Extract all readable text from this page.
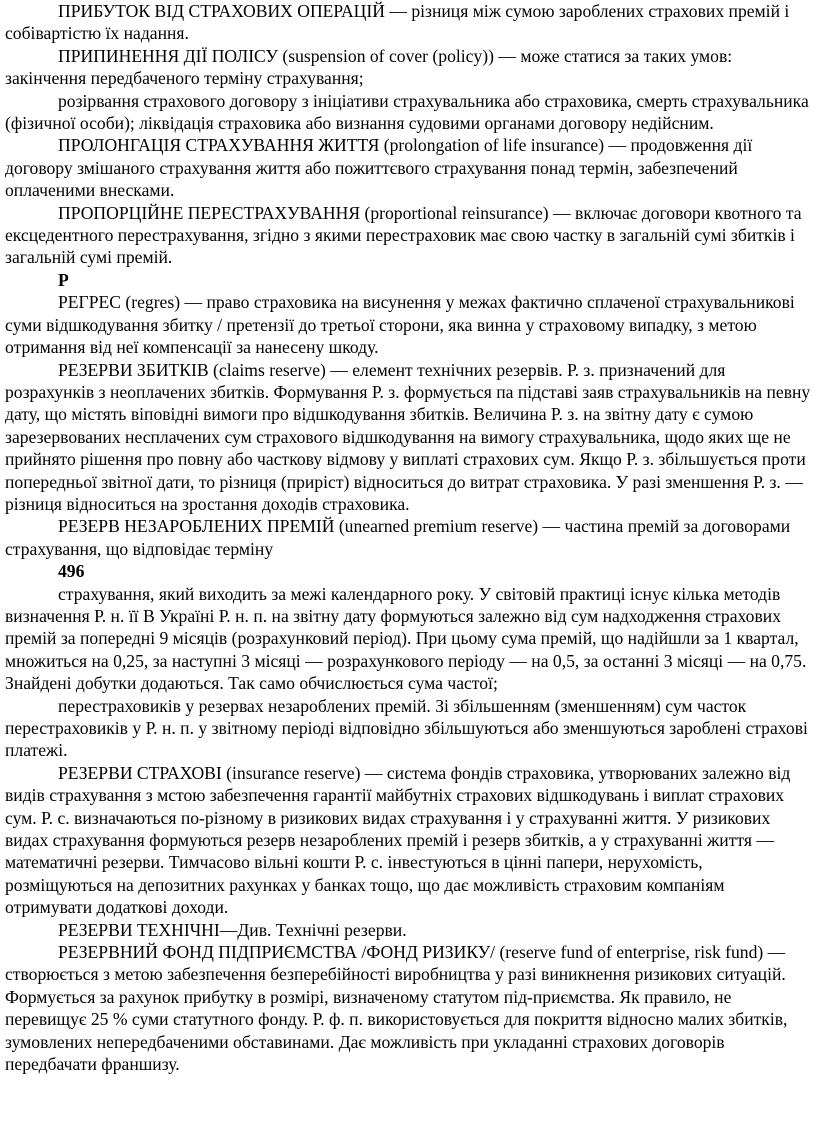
ПРИБУТОК ВІД СТРАХОВИХ ОПЕРАЦІЙ — різниця між сумою зароблених страхових премій і собівартістю їх надання.

ПРИПИНЕННЯ ДІЇ ПОЛІСУ (suspension of cover (policy)) — може статися за таких умов: закінчення передбаченого терміну страхування;

розірвання страхового договору з ініціативи страхувальника або страховика, смерть страхувальника (фізичної особи); ліквідація страховика або визнання судовими органами договору недійсним.

ПРОЛОНГАЦІЯ СТРАХУВАННЯ ЖИТТЯ (prolongation of life insurance) — продовження дії договору змішаного страхування життя або пожиттєвого страхування понад термін, забезпечений оплаченими внесками.

ПРОПОРЦІЙНЕ ПЕРЕСТРАХУВАННЯ (proportional reinsurance) — включає договори квотного та ексцедентного перестрахування, згідно з якими перестраховик має свою частку в загальній сумі збитків і загальній сумі премій.

Р

РЕГРЕС (regres) — право страховика на висунення у межах фактично сплаченої страхувальникові суми відшкодування збитку / претензії до третьої сторони, яка винна у страховому випадку, з метою отримання від неї компенсації за нанесену шкоду.

РЕЗЕРВИ ЗБИТКІВ (claims reserve) — елемент технічних резервів. Р. з. призначений для розрахунків з неоплачених збитків. Формування Р. з. формується па підставі заяв страхувальників на певну дату, що містять віповідні вимоги про відшкодування збитків. Величина Р. з. на звітну дату є сумою зарезервованих несплачених сум страхового відшкодування на вимогу страхувальника, щодо яких ще не прийнято рішення про повну або часткову відмову у виплаті страхових сум. Якщо Р. з. збільшується проти попередньої звітної дати, то різниця (приріст) відноситься до витрат страховика. У разі зменшення Р. з. — різниця відноситься на зростання доходів страховика.

РЕЗЕРВ НЕЗАРОБЛЕНИХ ПРЕМІЙ (unearned premium reserve) — частина премій за договорами страхування, що відповідає терміну

496

страхування, який виходить за межі календарного року. У світовій практиці існує кілька методів визначення Р. н. її В Україні Р. н. п. на звітну дату формуються залежно від сум надходження страхових премій за попередні 9 місяців (розрахунковий період). При цьому сума премій, що надійшли за 1 квартал, множиться на 0,25, за наступні 3 місяці — розрахункового періоду — на 0,5, за останні 3 місяці — на 0,75. Знайдені добутки додаються. Так само обчислюється сума частої;

перестраховиків у резервах незароблених премій. Зі збільшенням (зменшенням) сум часток перестраховиків у Р. н. п. у звітному періоді відповідно збільшуються або зменшуються зароблені страхові платежі.

РЕЗЕРВИ СТРАХОВІ (insurance reserve) — система фондів страховика, утворюваних залежно від видів страхування з мстою забезпечення гарантії майбутніх страхових відшкодувань і виплат страхових сум. Р. с. визначаються по-різному в ризикових видах страхування і у страхуванні життя. У ризикових видах страхування формуються резерв незароблених премій і резерв збитків, а у страхуванні життя — математичні резерви. Тимчасово вільні кошти Р. с. інвестуються в цінні папери, нерухомість, розміщуються на депозитних рахунках у банках тощо, що дає можливість страховим компаніям отримувати додаткові доходи.

РЕЗЕРВИ ТЕХНІЧНІ—Див. Технічні резерви.

РЕЗЕРВНИЙ ФОНД ПІДПРИЄМСТВА /ФОНД РИЗИКУ/ (reserve fund of enterprise, risk fund) — створюється з метою забезпечення безперебійності виробництва у разі виникнення ризикових ситуацій. Формується за рахунок прибутку в розмірі, визначеному статутом під-приємства. Як правило, не перевищує 25 % суми статутного фонду. Р. ф. п. використовується для покриття відносно малих збитків, зумовлених непередбаченими обставинами. Дає можливість при укладанні страхових договорів передбачати франшизу.
